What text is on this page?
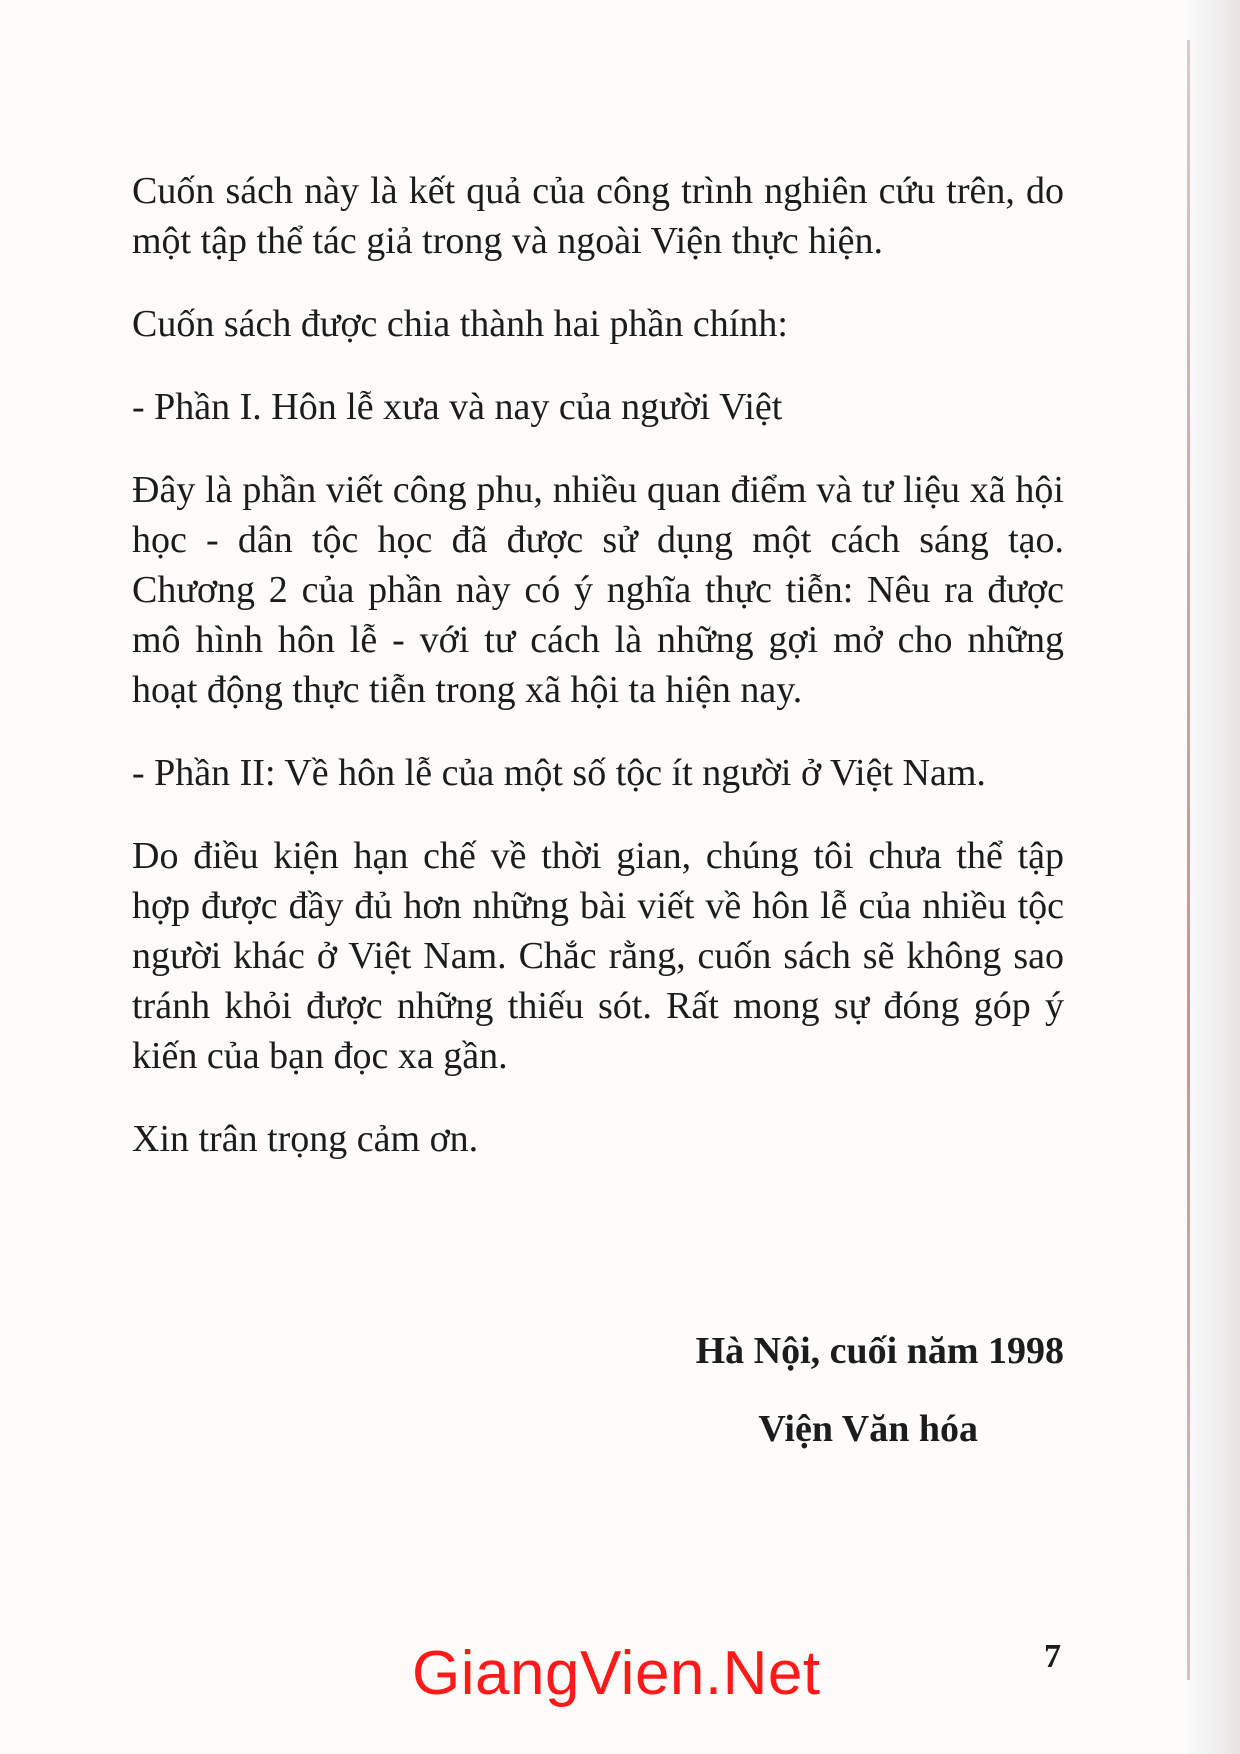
Cuốn sách này là kết quả của công trình nghiên cứu trên, do một tập thể tác giả trong và ngoài Viện thực hiện.

Cuốn sách được chia thành hai phần chính:

- Phần I. Hôn lễ xưa và nay của người Việt

Đây là phần viết công phu, nhiều quan điểm và tư liệu xã hội học - dân tộc học đã được sử dụng một cách sáng tạo. Chương 2 của phần này có ý nghĩa thực tiễn: Nêu ra được mô hình hôn lễ - với tư cách là những gợi mở cho những hoạt động thực tiễn trong xã hội ta hiện nay.

- Phần II: Về hôn lễ của một số tộc ít người ở Việt Nam.

Do điều kiện hạn chế về thời gian, chúng tôi chưa thể tập hợp được đầy đủ hơn những bài viết về hôn lễ của nhiều tộc người khác ở Việt Nam. Chắc rằng, cuốn sách sẽ không sao tránh khỏi được những thiếu sót. Rất mong sự đóng góp ý kiến của bạn đọc xa gần.

Xin trân trọng cảm ơn.

Hà Nội, cuối năm 1998
Viện Văn hóa
GiangVien.Net	7
